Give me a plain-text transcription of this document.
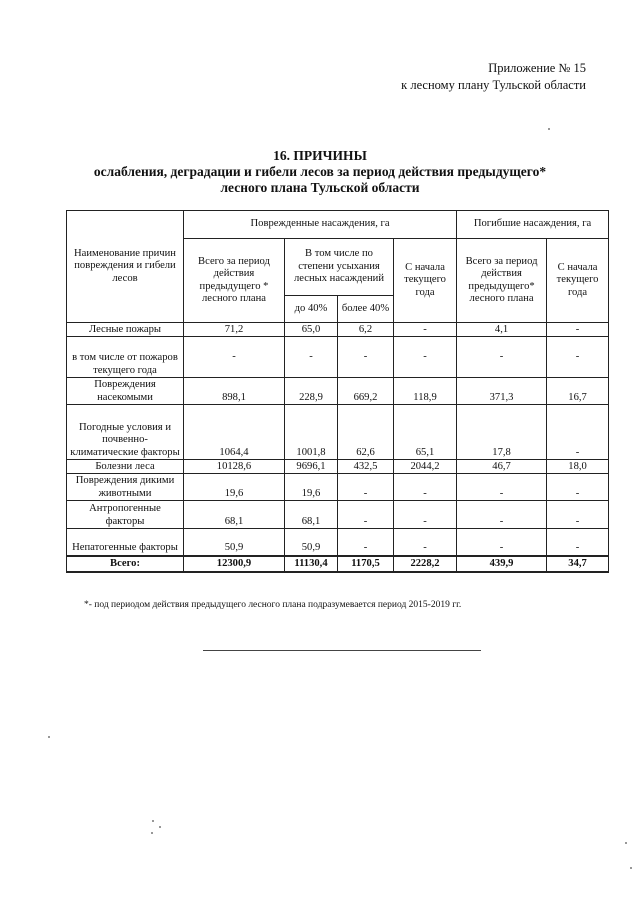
Приложение № 15
к лесному плану Тульской области
16. ПРИЧИНЫ
ослабления, деградации и гибели лесов за период действия предыдущего*
лесного плана Тульской области
Наименование причин повреждения и гибели лесов	Поврежденные насаждения, га				Погибшие насаждения, га	
	Всего за период действия предыдущего * лесного плана	В том числе по степени усыхания лесных насаждений		С начала текущего года	Всего за период действия предыдущего* лесного плана	С начала текущего года
		до 40%	более 40%			
Лесные пожары	71,2	65,0	6,2	-	4,1	-
в том числе от пожаров текущего года	-	-	-	-	-	-
Повреждения насекомыми	898,1	228,9	669,2	118,9	371,3	16,7
Погодные условия и почвенно-климатические факторы	1064,4	1001,8	62,6	65,1	17,8	-
Болезни леса	10128,6	9696,1	432,5	2044,2	46,7	18,0
Повреждения дикими животными	19,6	19,6	-	-	-	-
Антропогенные факторы	68,1	68,1	-	-	-	-
Непатогенные факторы	50,9	50,9	-	-	-	-
Всего:	12300,9	11130,4	1170,5	2228,2	439,9	34,7
*- под периодом действия предыдущего лесного плана подразумевается период 2015-2019 гг.
